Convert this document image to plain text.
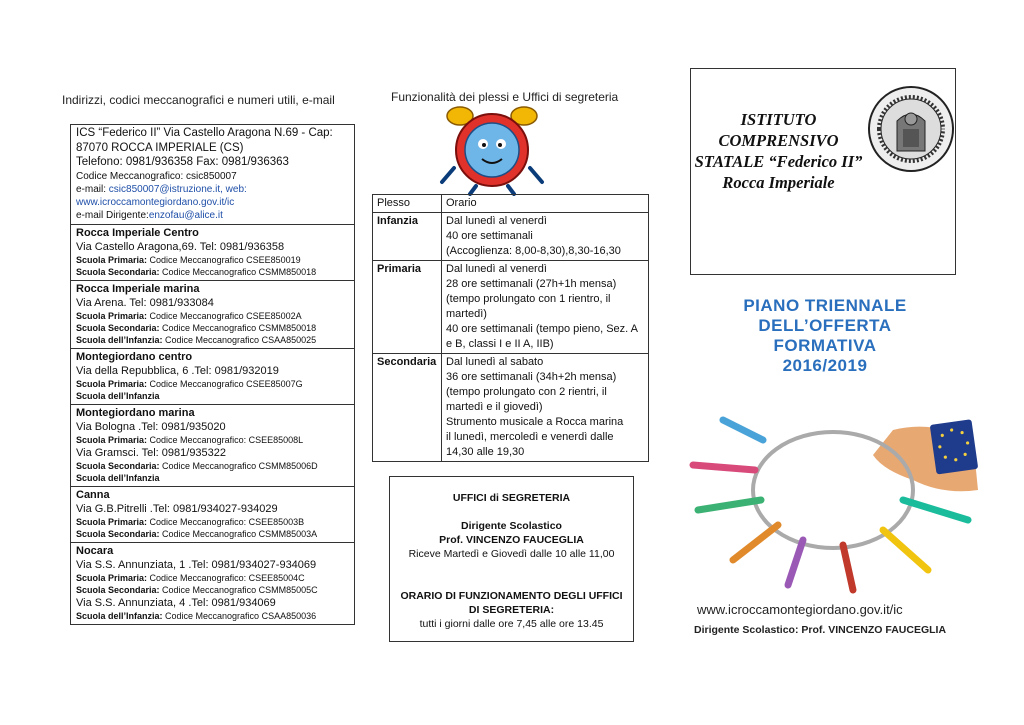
Indirizzi, codici meccanografici e numeri utili, e-mail
ICS “Federico II” Via Castello Aragona N.69 - Cap:
87070 ROCCA IMPERIALE (CS)
Telefono: 0981/936358 Fax: 0981/936363
Codice Meccanografico: csic850007
e-mail: csic850007@istruzione.it, web:
www.icroccamontegiordano.gov.it/ic
e-mail Dirigente:enzofau@alice.it
Rocca Imperiale Centro
Via Castello Aragona,69. Tel: 0981/936358
Scuola Primaria: Codice Meccanografico CSEE850019
Scuola Secondaria: Codice Meccanografico CSMM850018
Rocca Imperiale marina
Via Arena. Tel: 0981/933084
Scuola Primaria: Codice Meccanografico CSEE85002A
Scuola Secondaria: Codice Meccanografico CSMM850018
Scuola dell’Infanzia: Codice Meccanografico CSAA850025
Montegiordano centro
Via della Repubblica, 6 .Tel: 0981/932019
Scuola Primaria: Codice Meccanografico CSEE85007G
Scuola dell’Infanzia
Montegiordano marina
Via Bologna .Tel: 0981/935020
Scuola Primaria: Codice Meccanografico: CSEE85008L
Via Gramsci. Tel: 0981/935322
Scuola Secondaria: Codice Meccanografico CSMM85006D
Scuola dell’Infanzia
Canna
Via G.B.Pitrelli .Tel: 0981/934027-934029
Scuola Primaria: Codice Meccanografico: CSEE85003B
Scuola Secondaria: Codice Meccanografico CSMM85003A
Nocara
Via S.S. Annunziata, 1 .Tel: 0981/934027-934069
Scuola Primaria: Codice Meccanografico: CSEE85004C
Scuola Secondaria: Codice Meccanografico CSMM85005C
Via S.S. Annunziata, 4 .Tel: 0981/934069
Scuola dell’Infanzia: Codice Meccanografico CSAA850036
Funzionalità dei plessi e Uffici di segreteria
Plesso	Orario
Infanzia	Dal lunedì al venerdì
40 ore settimanali
(Accoglienza: 8,00-8,30),8,30-16,30

Primaria	Dal lunedì al venerdì
28 ore settimanali (27h+1h mensa)
(tempo prolungato con 1 rientro, il martedì)
40 ore settimanali (tempo pieno, Sez. A e B, classi I e II A, IIB)

Secondaria	Dal lunedì al sabato
36 ore settimanali (34h+2h mensa)
(tempo prolungato con 2 rientri, il martedì e il giovedì)
Strumento musicale a Rocca marina
il lunedì, mercoledì e venerdì dalle 14,30 alle 19,30
UFFICI di SEGRETERIA
Dirigente Scolastico
Prof. VINCENZO FAUCEGLIA
Riceve Martedì e Giovedì dalle 10 alle 11,00
ORARIO DI FUNZIONAMENTO DEGLI UFFICI
DI SEGRETERIA:
tutti i giorni dalle ore 7,45 alle ore 13.45
ISTITUTO COMPRENSIVO
STATALE “Federico II”
Rocca Imperiale
PIANO TRIENNALE
DELL’OFFERTA
FORMATIVA
2016/2019
www.icroccamontegiordano.gov.it/ic
Dirigente Scolastico: Prof. VINCENZO FAUCEGLIA
